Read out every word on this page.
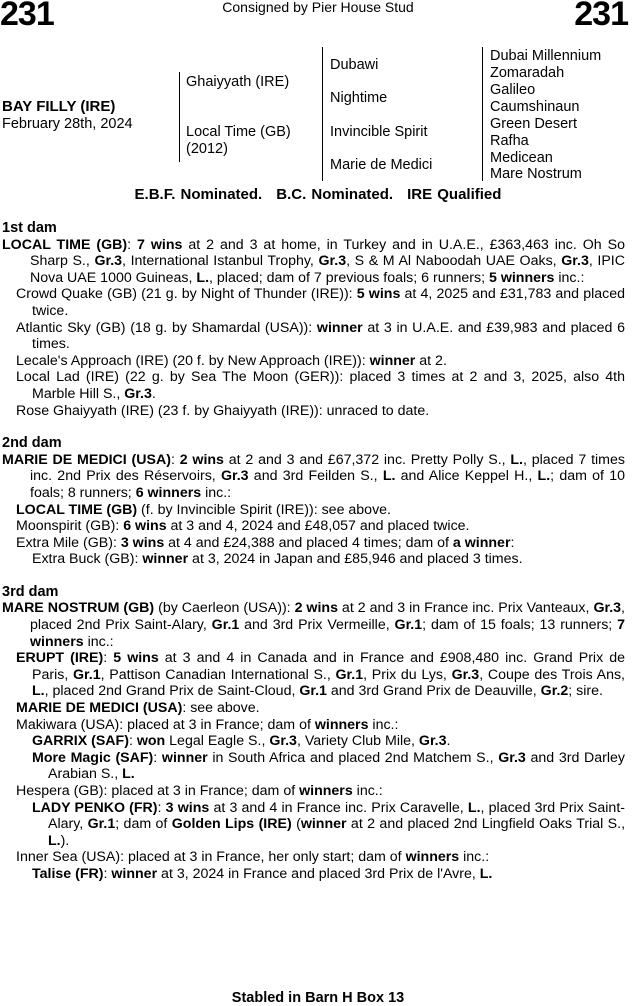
231	231
Consigned by Pier House Stud
BAY FILLY (IRE)
February 28th, 2024
Ghaiyyath (IRE)
Local Time (GB)
(2012)
Dubawi
Nightime
Invincible Spirit
Marie de Medici
Dubai Millennium
Zomaradah
Galileo
Caumshinaun
Green Desert
Rafha
Medicean
Mare Nostrum
E.B.F. Nominated. B.C. Nominated. IRE Qualified
1st dam
LOCAL TIME (GB): 7 wins at 2 and 3 at home, in Turkey and in U.A.E., £363,463 inc. Oh So Sharp S., Gr.3, International Istanbul Trophy, Gr.3, S & M Al Naboodah UAE Oaks, Gr.3, IPIC Nova UAE 1000 Guineas, L., placed; dam of 7 previous foals; 6 runners; 5 winners inc.:
Crowd Quake (GB) (21 g. by Night of Thunder (IRE)): 5 wins at 4, 2025 and £31,783 and placed twice.
Atlantic Sky (GB) (18 g. by Shamardal (USA)): winner at 3 in U.A.E. and £39,983 and placed 6 times.
Lecale's Approach (IRE) (20 f. by New Approach (IRE)): winner at 2.
Local Lad (IRE) (22 g. by Sea The Moon (GER)): placed 3 times at 2 and 3, 2025, also 4th Marble Hill S., Gr.3.
Rose Ghaiyyath (IRE) (23 f. by Ghaiyyath (IRE)): unraced to date.
2nd dam
MARIE DE MEDICI (USA): 2 wins at 2 and 3 and £67,372 inc. Pretty Polly S., L., placed 7 times inc. 2nd Prix des Réservoirs, Gr.3 and 3rd Feilden S., L. and Alice Keppel H., L.; dam of 10 foals; 8 runners; 6 winners inc.:
LOCAL TIME (GB) (f. by Invincible Spirit (IRE)): see above.
Moonspirit (GB): 6 wins at 3 and 4, 2024 and £48,057 and placed twice.
Extra Mile (GB): 3 wins at 4 and £24,388 and placed 4 times; dam of a winner:
Extra Buck (GB): winner at 3, 2024 in Japan and £85,946 and placed 3 times.
3rd dam
MARE NOSTRUM (GB) (by Caerleon (USA)): 2 wins at 2 and 3 in France inc. Prix Vanteaux, Gr.3, placed 2nd Prix Saint-Alary, Gr.1 and 3rd Prix Vermeille, Gr.1; dam of 15 foals; 13 runners; 7 winners inc.:
ERUPT (IRE): 5 wins at 3 and 4 in Canada and in France and £908,480 inc. Grand Prix de Paris, Gr.1, Pattison Canadian International S., Gr.1, Prix du Lys, Gr.3, Coupe des Trois Ans, L., placed 2nd Grand Prix de Saint-Cloud, Gr.1 and 3rd Grand Prix de Deauville, Gr.2; sire.
MARIE DE MEDICI (USA): see above.
Makiwara (USA): placed at 3 in France; dam of winners inc.:
GARRIX (SAF): won Legal Eagle S., Gr.3, Variety Club Mile, Gr.3.
More Magic (SAF): winner in South Africa and placed 2nd Matchem S., Gr.3 and 3rd Darley Arabian S., L.
Hespera (GB): placed at 3 in France; dam of winners inc.:
LADY PENKO (FR): 3 wins at 3 and 4 in France inc. Prix Caravelle, L., placed 3rd Prix Saint-Alary, Gr.1; dam of Golden Lips (IRE) (winner at 2 and placed 2nd Lingfield Oaks Trial S., L.).
Inner Sea (USA): placed at 3 in France, her only start; dam of winners inc.:
Talise (FR): winner at 3, 2024 in France and placed 3rd Prix de l'Avre, L.
Stabled in Barn H Box 13
